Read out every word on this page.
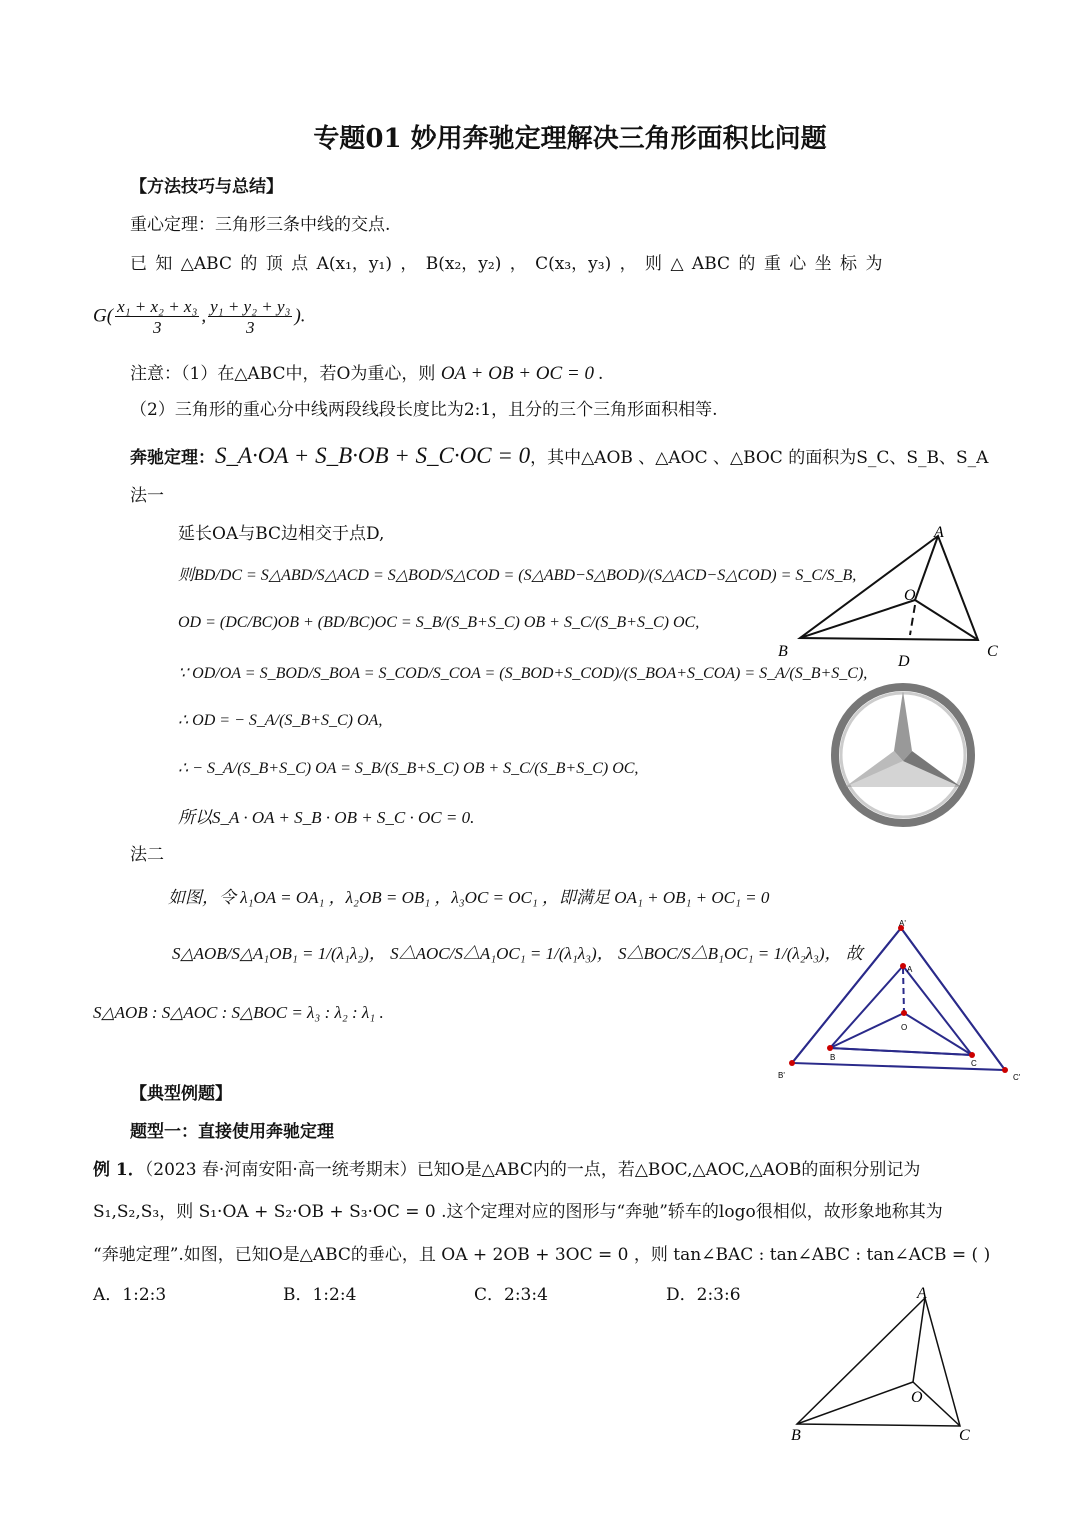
专题01 妙用奔驰定理解决三角形面积比问题
【方法技巧与总结】
重心定理：三角形三条中线的交点.
已 知 △ABC 的 顶 点 A(x₁，y₁) ， B(x₂，y₂) ， C(x₃，y₃) ， 则 △ ABC 的 重 心 坐 标 为
$G( \frac{\text{x₁ + x₂ + x₃}}{3}$ , $\frac{\text{y₁ + y₂ + y₃}}{3}$ ).
注意：（1）在△ABC中，若O为重心，则 OA + OB + OC = 0 .
（2）三角形的重心分中线两段线段长度比为2:1，且分的三个三角形面积相等.
奔驰定理：S_A·OA + S_B·OB + S_C·OC = 0，其中△AOB 、△AOC 、△BOC 的面积为S_C、S_B、S_A
法一
延长OA与BC边相交于点D,
则BD/DC = S△ABD/S△ACD = S△BOD/S△COD = (S△ABD−S△BOD)/(S△ACD−S△COD) = S_C/S_B,
OD = (DC/BC)OB + (BD/BC)OC = S_B/(S_B+S_C) OB + S_C/(S_B+S_C) OC,
∵ OD/OA = S_BOD/S_BOA = S_COD/S_COA = (S_BOD+S_COD)/(S_BOA+S_COA) = S_A/(S_B+S_C),
∴ OD = − S_A/(S_B+S_C) OA,
∴ − S_A/(S_B+S_C) OA = S_B/(S_B+S_C) OB + S_C/(S_B+S_C) OC,
所以S_A · OA + S_B · OB + S_C · OC = 0.
法二
如图，令 λ₁OA = OA₁ ，λ₂OB = OB₁ ，λ₃OC = OC₁ ，即满足 OA₁ + OB₁ + OC₁ = 0
S△AOB/S△A₁OB₁ = 1/(λ₁λ₂)， S△AOC/S△A₁OC₁ = 1/(λ₁λ₃)， S△BOC/S△B₁OC₁ = 1/(λ₂λ₃)， 故
S△AOB : S△AOC : S△BOC = λ₃ : λ₂ : λ₁ .
【典型例题】
题型一：直接使用奔驰定理
例 1．（2023 春·河南安阳·高一统考期末）已知O是△ABC内的一点，若△BOC,△AOC,△AOB的面积分别记为
S₁,S₂,S₃，则 S₁·OA + S₂·OB + S₃·OC = 0 .这个定理对应的图形与“奔驰”轿车的logo很相似，故形象地称其为
“奔驰定理”.如图，已知O是△ABC的垂心，且 OA + 2OB + 3OC = 0 ，则 tan∠BAC : tan∠ABC : tan∠ACB = ( )
A．1:2:3	B．1:2:4	C．2:3:4	D．2:3:6
A
B	C
D
O
A'
A
O
B
C
B'	C'
A
B	C
O
